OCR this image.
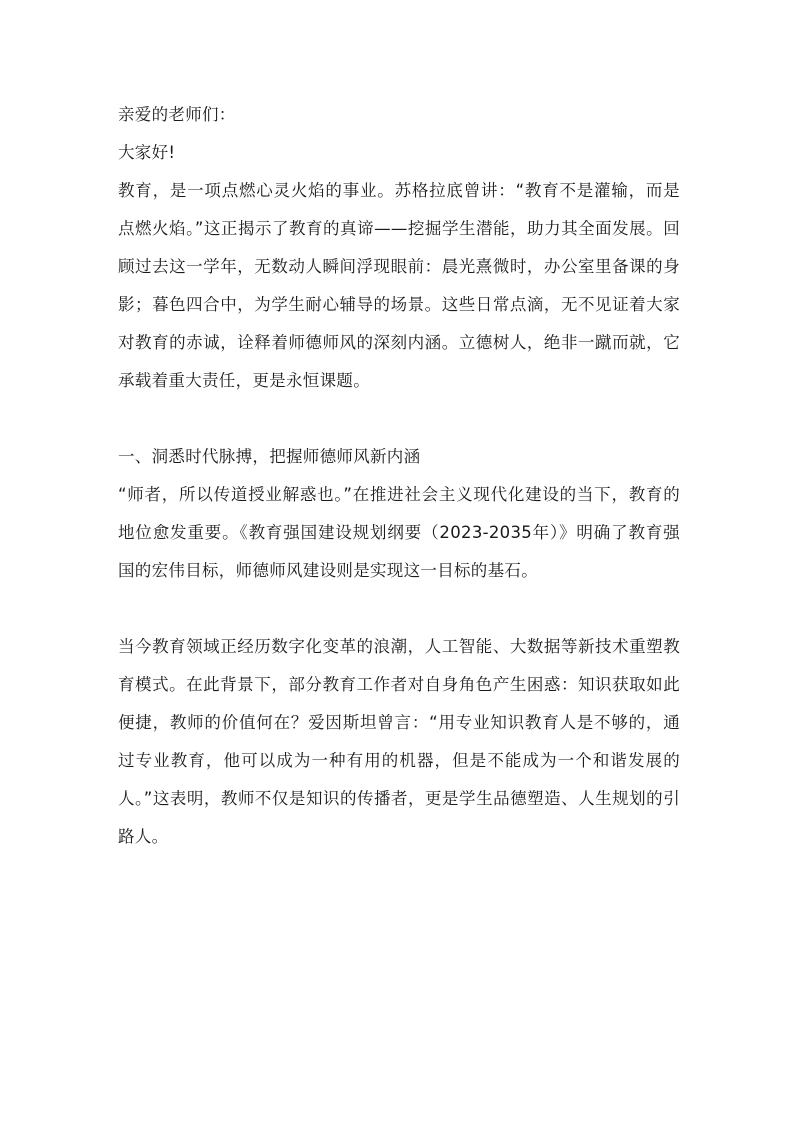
亲爱的老师们：

大家好!

教育，是一项点燃心灵火焰的事业。苏格拉底曾讲：“教育不是灌输，而是点燃火焰。”这正揭示了教育的真谛——挖掘学生潜能，助力其全面发展。回顾过去这一学年，无数动人瞬间浮现眼前：晨光熹微时，办公室里备课的身影；暮色四合中，为学生耐心辅导的场景。这些日常点滴，无不见证着大家对教育的赤诚，诠释着师德师风的深刻内涵。立德树人，绝非一蹴而就，它承载着重大责任，更是永恒课题。

一、洞悉时代脉搏，把握师德师风新内涵

“师者，所以传道授业解惑也。”在推进社会主义现代化建设的当下，教育的地位愈发重要。《教育强国建设规划纲要（2023-2035年）》明确了教育强国的宏伟目标，师德师风建设则是实现这一目标的基石。

当今教育领域正经历数字化变革的浪潮，人工智能、大数据等新技术重塑教育模式。在此背景下，部分教育工作者对自身角色产生困惑：知识获取如此便捷，教师的价值何在？爱因斯坦曾言：“用专业知识教育人是不够的，通过专业教育，他可以成为一种有用的机器，但是不能成为一个和谐发展的人。”这表明，教师不仅是知识的传播者，更是学生品德塑造、人生规划的引路人。
